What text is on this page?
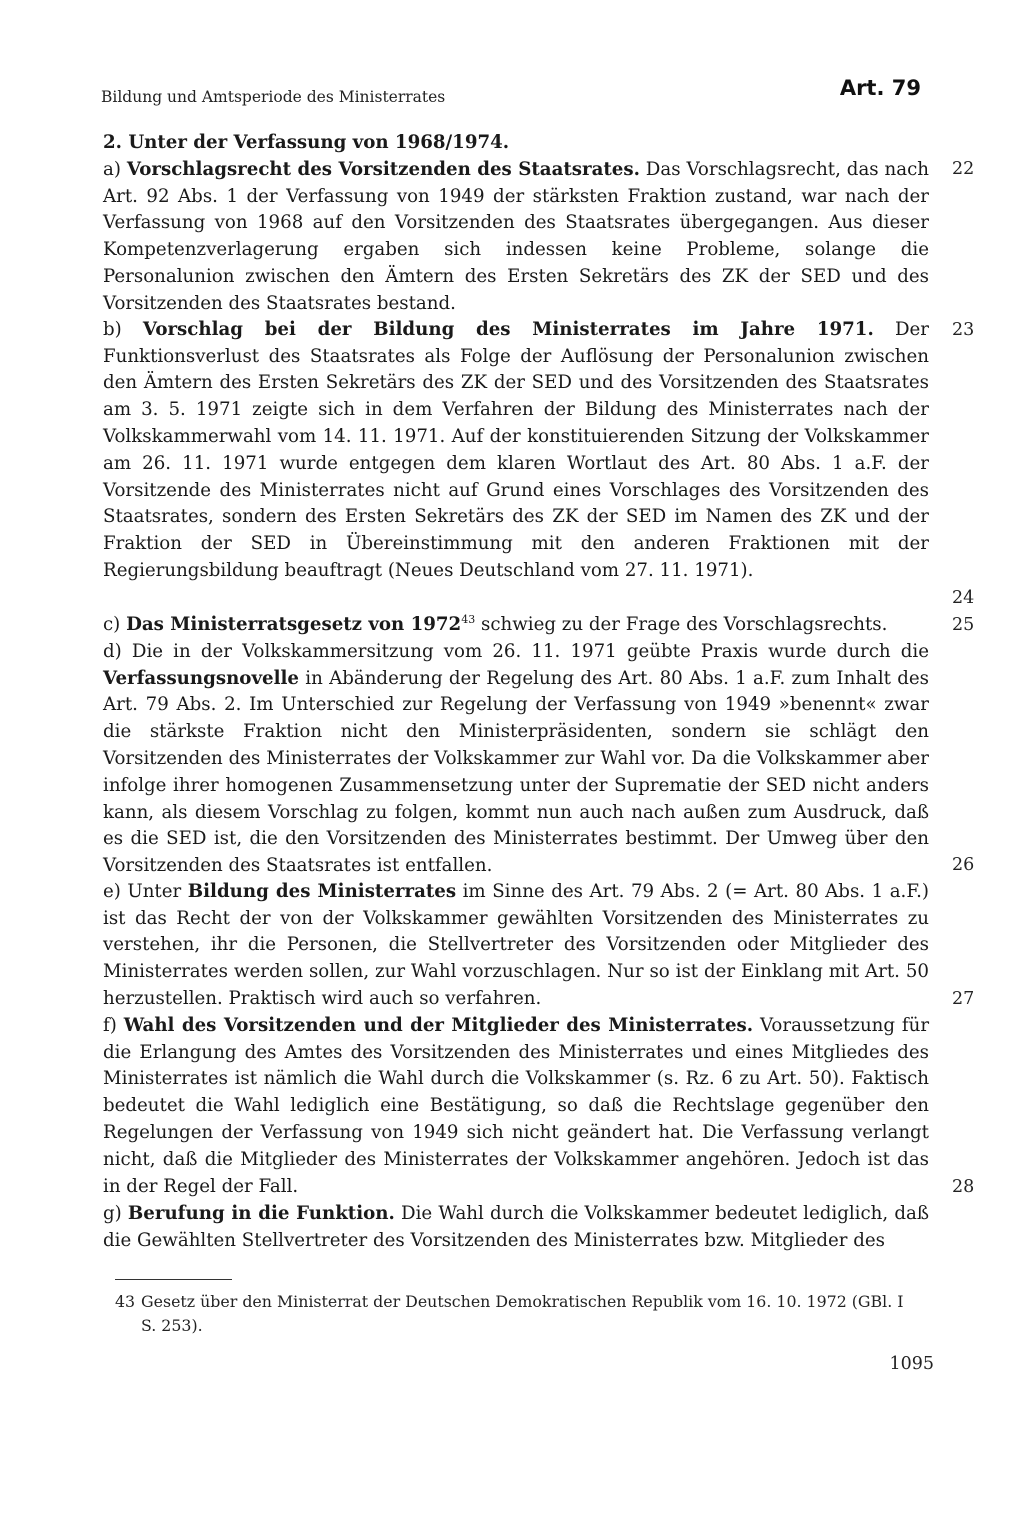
Bildung und Amtsperiode des Ministerrates	Art. 79

2. Unter der Verfassung von 1968/1974.

a) Vorschlagsrecht des Vorsitzenden des Staatsrates. Das Vorschlagsrecht, das nach Art. 92 Abs. 1 der Verfassung von 1949 der stärksten Fraktion zustand, war nach der Verfassung von 1968 auf den Vorsitzenden des Staatsrates übergegangen. Aus dieser Kompetenzverlagerung ergaben sich indessen keine Probleme, solange die Personalunion zwischen den Ämtern des Ersten Sekretärs des ZK der SED und des Vorsitzenden des Staatsrates bestand.

b) Vorschlag bei der Bildung des Ministerrates im Jahre 1971. Der Funktionsverlust des Staatsrates als Folge der Auflösung der Personalunion zwischen den Ämtern des Ersten Sekretärs des ZK der SED und des Vorsitzenden des Staatsrates am 3. 5. 1971 zeigte sich in dem Verfahren der Bildung des Ministerrates nach der Volkskammerwahl vom 14. 11. 1971. Auf der konstituierenden Sitzung der Volkskammer am 26. 11. 1971 wurde entgegen dem klaren Wortlaut des Art. 80 Abs. 1 a.F. der Vorsitzende des Ministerrates nicht auf Grund eines Vorschlages des Vorsitzenden des Staatsrates, sondern des Ersten Sekretärs des ZK der SED im Namen des ZK und der Fraktion der SED in Übereinstimmung mit den anderen Fraktionen mit der Regierungsbildung beauftragt (Neues Deutschland vom 27. 11. 1971).

c) Das Ministerratsgesetz von 1972$^{43}$ schwieg zu der Frage des Vorschlagsrechts.

d) Die in der Volkskammersitzung vom 26. 11. 1971 geübte Praxis wurde durch die Verfassungsnovelle in Abänderung der Regelung des Art. 80 Abs. 1 a.F. zum Inhalt des Art. 79 Abs. 2. Im Unterschied zur Regelung der Verfassung von 1949 »benennt« zwar die stärkste Fraktion nicht den Ministerpräsidenten, sondern sie schlägt den Vorsitzenden des Ministerrates der Volkskammer zur Wahl vor. Da die Volkskammer aber infolge ihrer homogenen Zusammensetzung unter der Suprematie der SED nicht anders kann, als diesem Vorschlag zu folgen, kommt nun auch nach außen zum Ausdruck, daß es die SED ist, die den Vorsitzenden des Ministerrates bestimmt. Der Umweg über den Vorsitzenden des Staatsrates ist entfallen.

e) Unter Bildung des Ministerrates im Sinne des Art. 79 Abs. 2 (= Art. 80 Abs. 1 a.F.) ist das Recht der von der Volkskammer gewählten Vorsitzenden des Ministerrates zu verstehen, ihr die Personen, die Stellvertreter des Vorsitzenden oder Mitglieder des Ministerrates werden sollen, zur Wahl vorzuschlagen. Nur so ist der Einklang mit Art. 50 herzustellen. Praktisch wird auch so verfahren.

f) Wahl des Vorsitzenden und der Mitglieder des Ministerrates. Voraussetzung für die Erlangung des Amtes des Vorsitzenden des Ministerrates und eines Mitgliedes des Ministerrates ist nämlich die Wahl durch die Volkskammer (s. Rz. 6 zu Art. 50). Faktisch bedeutet die Wahl lediglich eine Bestätigung, so daß die Rechtslage gegenüber den Regelungen der Verfassung von 1949 sich nicht geändert hat. Die Verfassung verlangt nicht, daß die Mitglieder des Ministerrates der Volkskammer angehören. Jedoch ist das in der Regel der Fall.

g) Berufung in die Funktion. Die Wahl durch die Volkskammer bedeutet lediglich, daß die Gewählten Stellvertreter des Vorsitzenden des Ministerrates bzw. Mitglieder des

22
23
24
25
26
27
28
43 Gesetz über den Ministerrat der Deutschen Demokratischen Republik vom 16. 10. 1972 (GBl. I
S. 253).
1095
